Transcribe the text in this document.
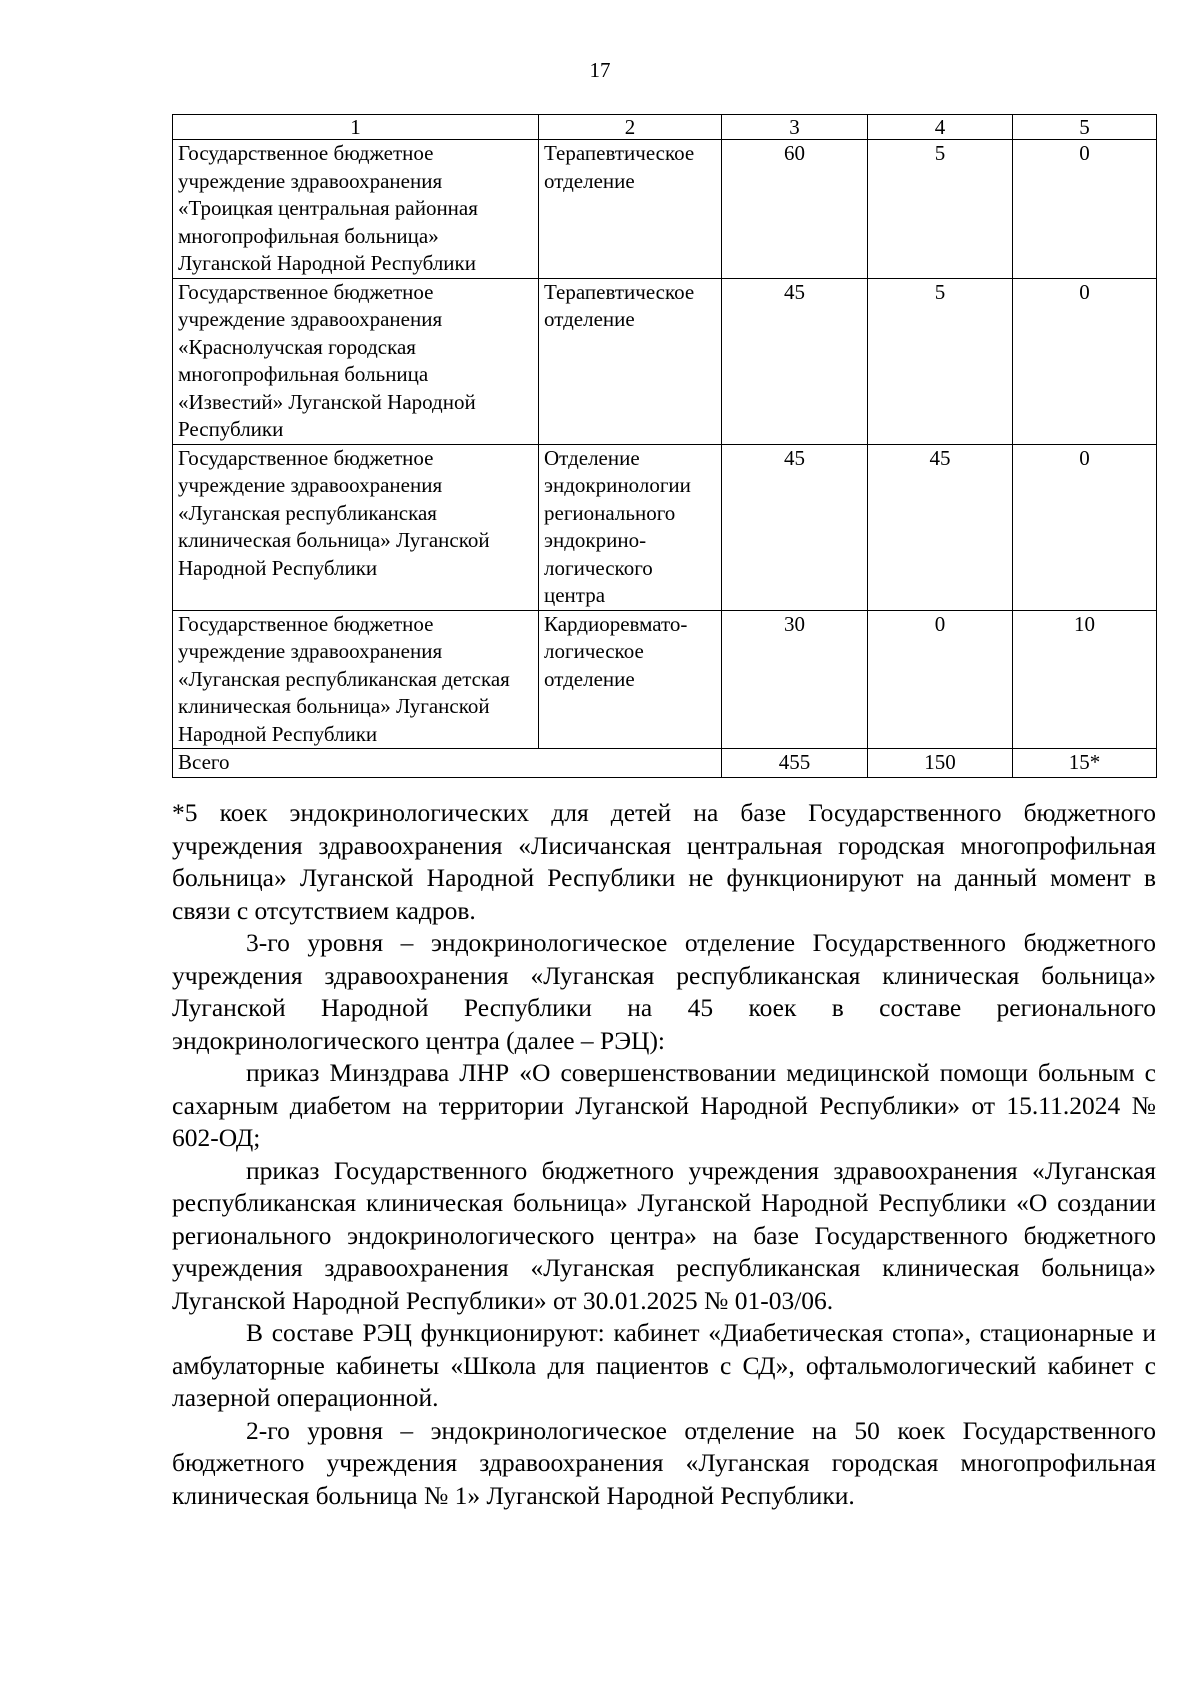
17
1	2	3	4	5
Государственное бюджетное учреждение здравоохранения «Троицкая центральная районная многопрофильная больница» Луганской Народной Республики	Терапевтическое отделение	60	5	0
Государственное бюджетное учреждение здравоохранения «Краснолучская городская многопрофильная больница «Известий» Луганской Народной Республики	Терапевтическое отделение	45	5	0
Государственное бюджетное учреждение здравоохранения «Луганская республиканская клиническая больница» Луганской Народной Республики	Отделение эндокринологии регионального эндокрино-логического центра	45	45	0
Государственное бюджетное учреждение здравоохранения «Луганская республиканская детская клиническая больница» Луганской Народной Республики	Кардиоревмато-логическое отделение	30	0	10
Всего		455	150	15*

*5 коек эндокринологических для детей на базе Государственного бюджетного учреждения здравоохранения «Лисичанская центральная городская многопрофильная больница» Луганской Народной Республики не функционируют на данный момент в связи с отсутствием кадров.

3-го уровня – эндокринологическое отделение Государственного бюджетного учреждения здравоохранения «Луганская республиканская клиническая больница» Луганской Народной Республики на 45 коек в составе регионального эндокринологического центра (далее – РЭЦ):

приказ Минздрава ЛНР «О совершенствовании медицинской помощи больным с сахарным диабетом на территории Луганской Народной Республики» от 15.11.2024 № 602-ОД;

приказ Государственного бюджетного учреждения здравоохранения «Луганская республиканская клиническая больница» Луганской Народной Республики «О создании регионального эндокринологического центра» на базе Государственного бюджетного учреждения здравоохранения «Луганская республиканская клиническая больница» Луганской Народной Республики» от 30.01.2025 № 01-03/06.

В составе РЭЦ функционируют: кабинет «Диабетическая стопа», стационарные и амбулаторные кабинеты «Школа для пациентов с СД», офтальмологический кабинет с лазерной операционной.

2-го уровня – эндокринологическое отделение на 50 коек Государственного бюджетного учреждения здравоохранения «Луганская городская многопрофильная клиническая больница № 1» Луганской Народной Республики.
